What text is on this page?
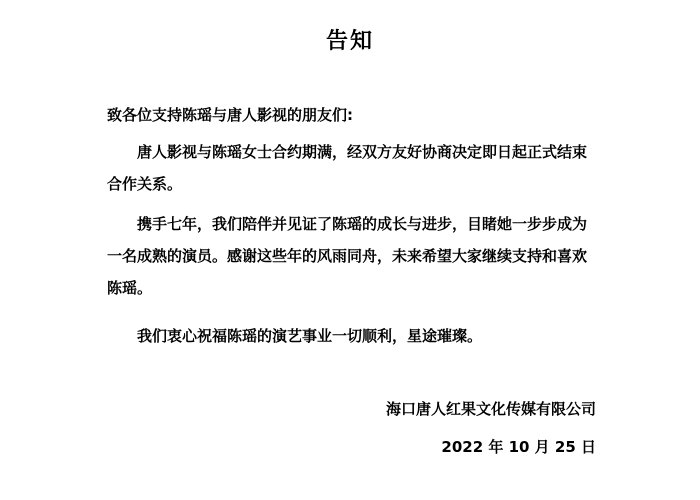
告知
致各位支持陈瑶与唐人影视的朋友们:
唐人影视与陈瑶女士合约期满，经双方友好协商决定即日起正式结束合作关系。
携手七年，我们陪伴并见证了陈瑶的成长与进步，目睹她一步步成为一名成熟的演员。感谢这些年的风雨同舟，未来希望大家继续支持和喜欢陈瑶。
我们衷心祝福陈瑶的演艺事业一切顺利，星途璀璨。
海口唐人红果文化传媒有限公司
2022 年 10 月 25 日
